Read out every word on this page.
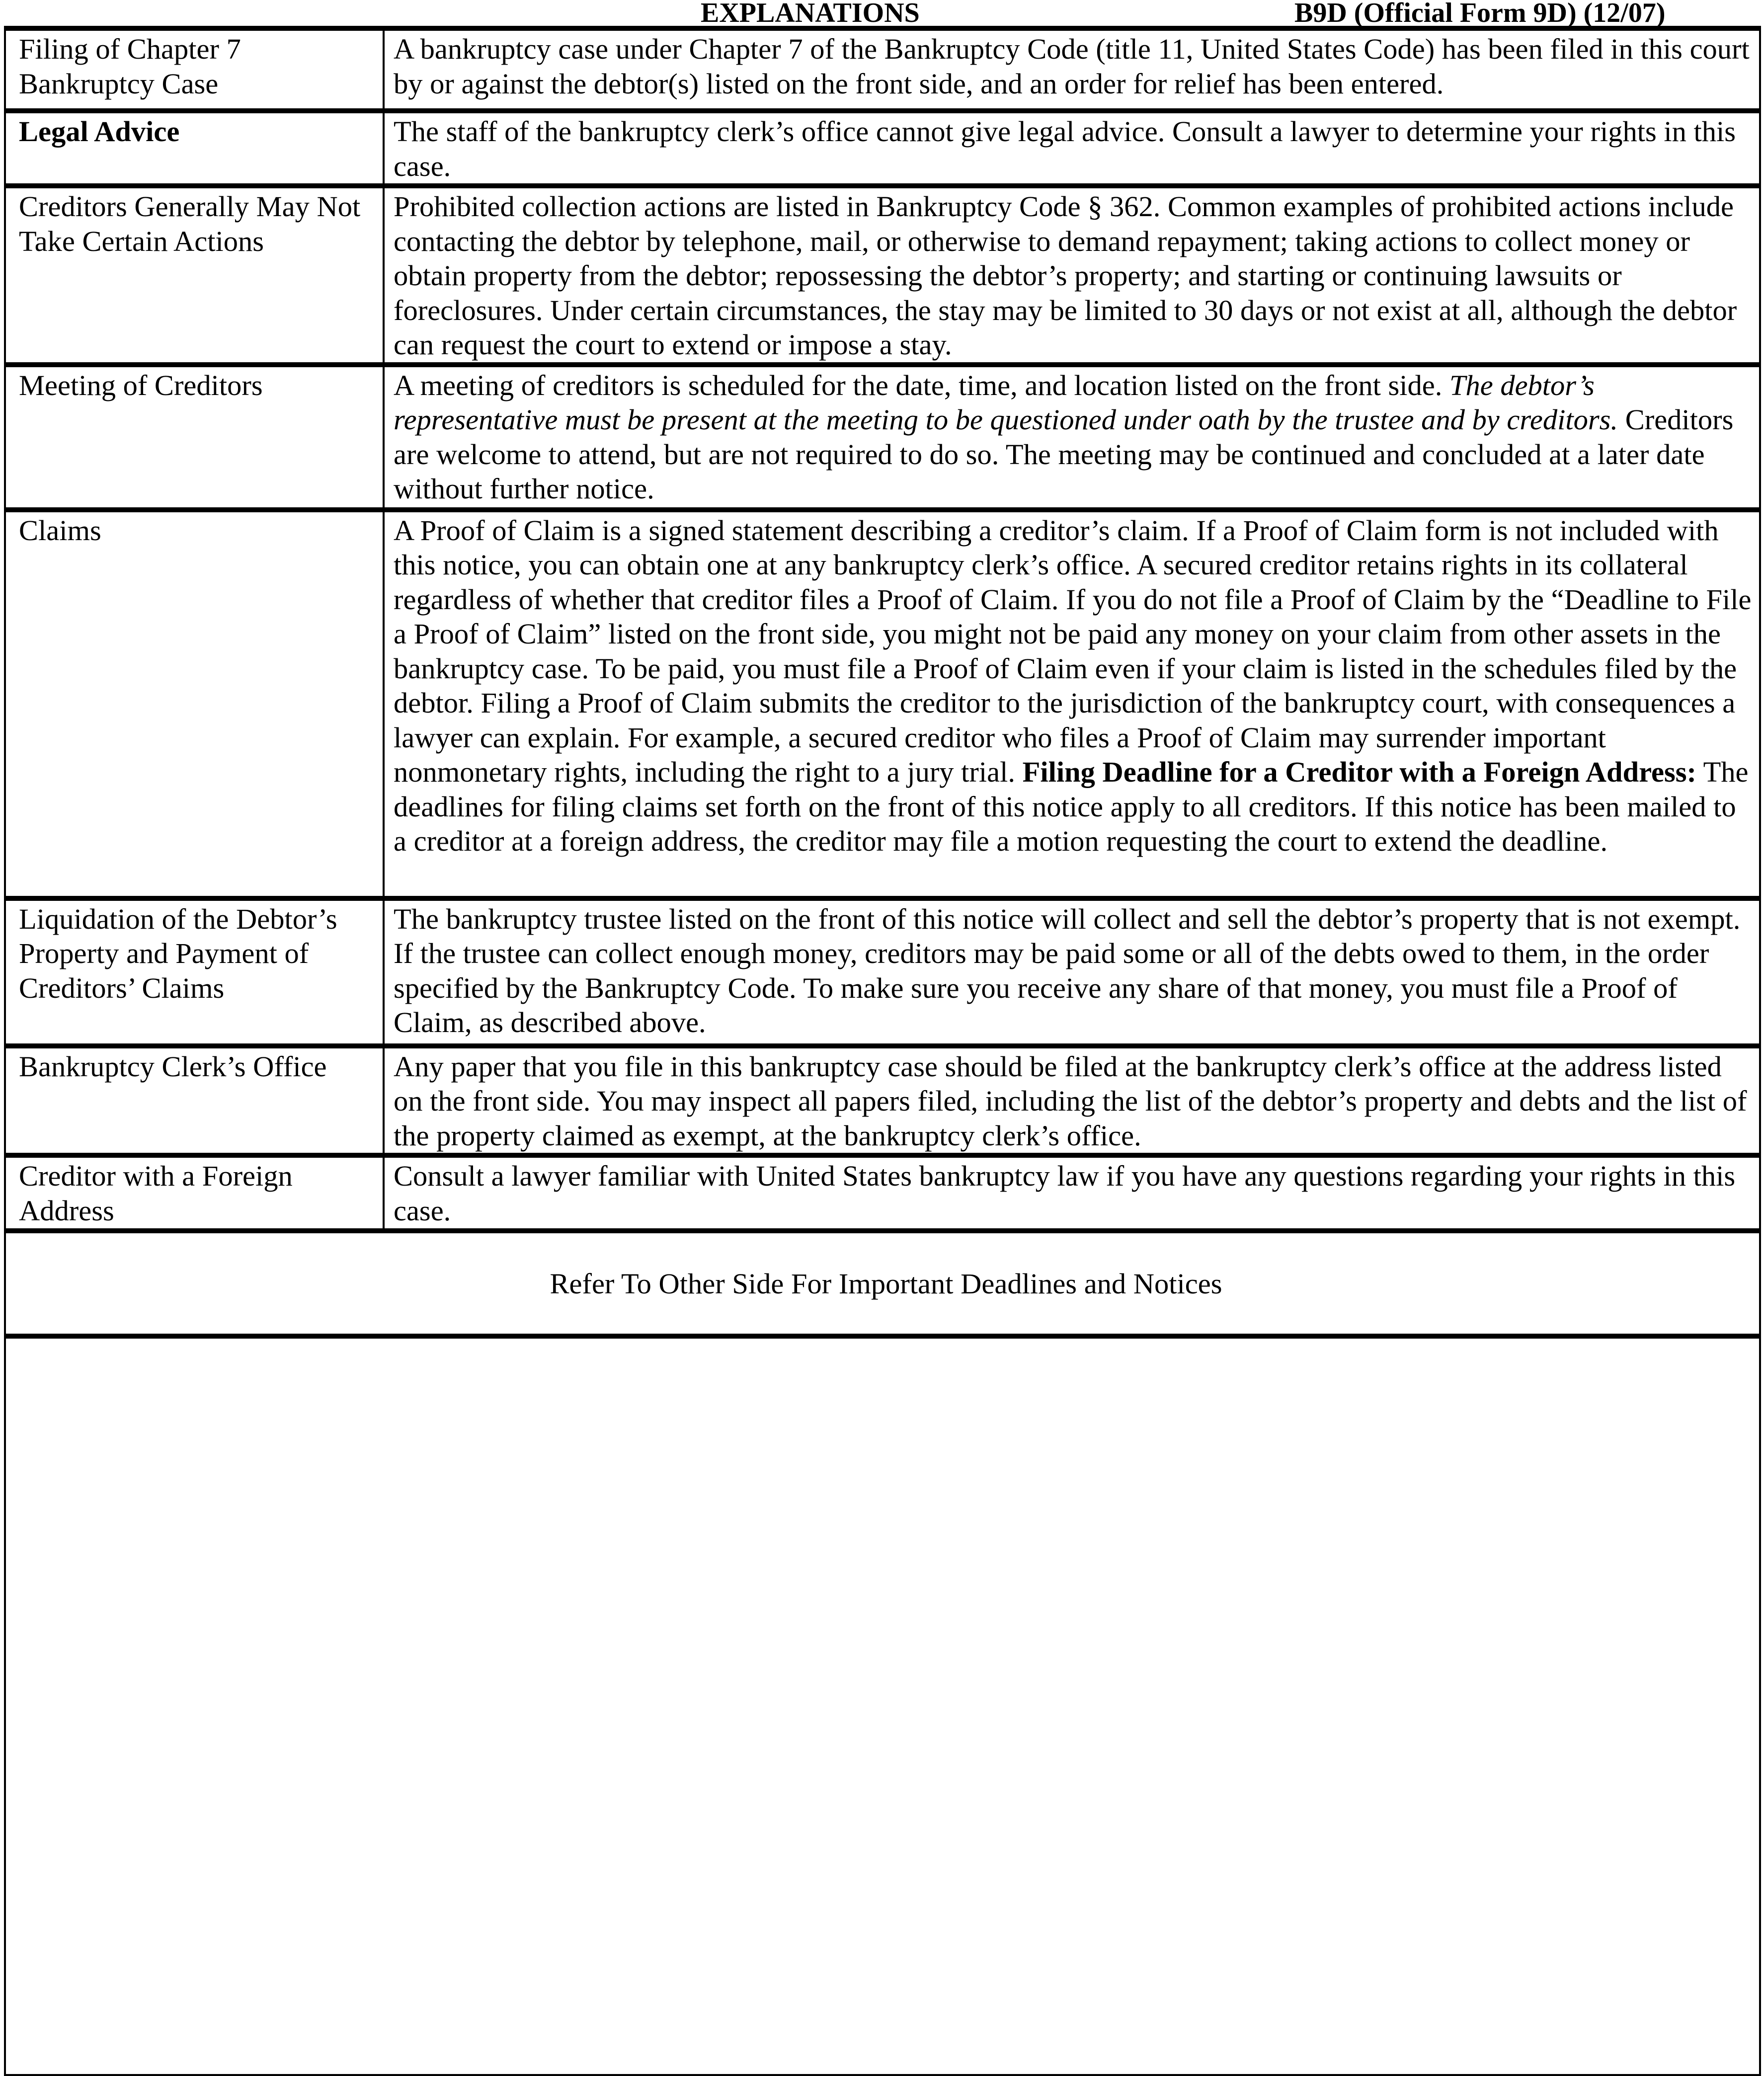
EXPLANATIONS	B9D (Official Form 9D) (12/07)
Filing of Chapter 7 Bankruptcy Case	A bankruptcy case under Chapter 7 of the Bankruptcy Code (title 11, United States Code) has been filed in this court by or against the debtor(s) listed on the front side, and an order for relief has been entered.
Legal Advice	The staff of the bankruptcy clerk’s office cannot give legal advice. Consult a lawyer to determine your rights in this case.
Creditors Generally May Not Take Certain Actions	Prohibited collection actions are listed in Bankruptcy Code § 362. Common examples of prohibited actions include contacting the debtor by telephone, mail, or otherwise to demand repayment; taking actions to collect money or obtain property from the debtor; repossessing the debtor’s property; and starting or continuing lawsuits or foreclosures. Under certain circumstances, the stay may be limited to 30 days or not exist at all, although the debtor can request the court to extend or impose a stay.
Meeting of Creditors	A meeting of creditors is scheduled for the date, time, and location listed on the front side. The debtor’s representative must be present at the meeting to be questioned under oath by the trustee and by creditors. Creditors are welcome to attend, but are not required to do so. The meeting may be continued and concluded at a later date without further notice.
Claims	A Proof of Claim is a signed statement describing a creditor’s claim. If a Proof of Claim form is not included with this notice, you can obtain one at any bankruptcy clerk’s office. A secured creditor retains rights in its collateral regardless of whether that creditor files a Proof of Claim. If you do not file a Proof of Claim by the “Deadline to File a Proof of Claim” listed on the front side, you might not be paid any money on your claim from other assets in the bankruptcy case. To be paid, you must file a Proof of Claim even if your claim is listed in the schedules filed by the debtor. Filing a Proof of Claim submits the creditor to the jurisdiction of the bankruptcy court, with consequences a lawyer can explain. For example, a secured creditor who files a Proof of Claim may surrender important nonmonetary rights, including the right to a jury trial. Filing Deadline for a Creditor with a Foreign Address: The deadlines for filing claims set forth on the front of this notice apply to all creditors. If this notice has been mailed to a creditor at a foreign address, the creditor may file a motion requesting the court to extend the deadline.
Liquidation of the Debtor’s Property and Payment of Creditors’ Claims	The bankruptcy trustee listed on the front of this notice will collect and sell the debtor’s property that is not exempt. If the trustee can collect enough money, creditors may be paid some or all of the debts owed to them, in the order specified by the Bankruptcy Code. To make sure you receive any share of that money, you must file a Proof of Claim, as described above.
Bankruptcy Clerk’s Office	Any paper that you file in this bankruptcy case should be filed at the bankruptcy clerk’s office at the address listed on the front side. You may inspect all papers filed, including the list of the debtor’s property and debts and the list of the property claimed as exempt, at the bankruptcy clerk’s office.
Creditor with a Foreign Address	Consult a lawyer familiar with United States bankruptcy law if you have any questions regarding your rights in this case.
Refer To Other Side For Important Deadlines and Notices	
